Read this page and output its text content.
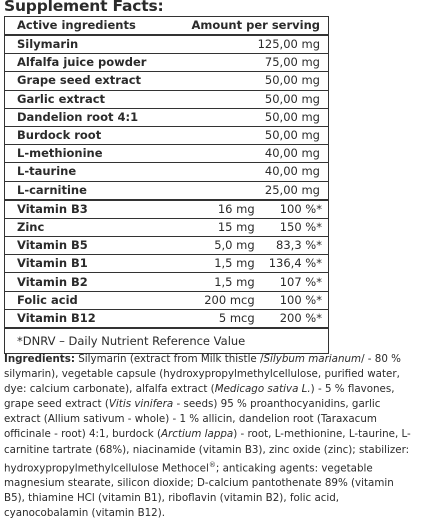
Supplement Facts:
Active ingredients	Amount per serving	
Silymarin	125,00 mg	
Alfalfa juice powder	75,00 mg	
Grape seed extract	50,00 mg	
Garlic extract	50,00 mg	
Dandelion root 4:1	50,00 mg	
Burdock root	50,00 mg	
L-methionine	40,00 mg	
L-taurine	40,00 mg	
L-carnitine	25,00 mg	
Vitamin B3	16 mg	100 %*
Zinc	15 mg	150 %*
Vitamin B5	5,0 mg	83,3 %*
Vitamin B1	1,5 mg	136,4 %*
Vitamin B2	1,5 mg	107 %*
Folic acid	200 mcg	100 %*
Vitamin B12	5 mcg	200 %*
*DNRV – Daily Nutrient Reference Value		
Ingredients: Silymarin (extract from Milk thistle /Silybum marianum/ - 80 % silymarin), vegetable capsule (hydroxypropylmethylcellulose, purified water, dye: calcium carbonate), alfalfa extract (Medicago sativa L.) - 5 % flavones, grape seed extract (Vitis vinifera - seeds) 95 % proanthocyanidins, garlic extract (Allium sativum - whole) - 1 % allicin, dandelion root (Taraxacum officinale - root) 4:1, burdock (Arctium lappa) - root, L-methionine, L-taurine, L-carnitine tartrate (68%), niacinamide (vitamin B3), zinc oxide (zinc); stabilizer: hydroxypropylmethylcellulose Methocel®; anticaking agents: vegetable magnesium stearate, silicon dioxide; D-calcium pantothenate 89% (vitamin B5), thiamine HCl (vitamin B1), riboflavin (vitamin B2), folic acid, cyanocobalamin (vitamin B12).
